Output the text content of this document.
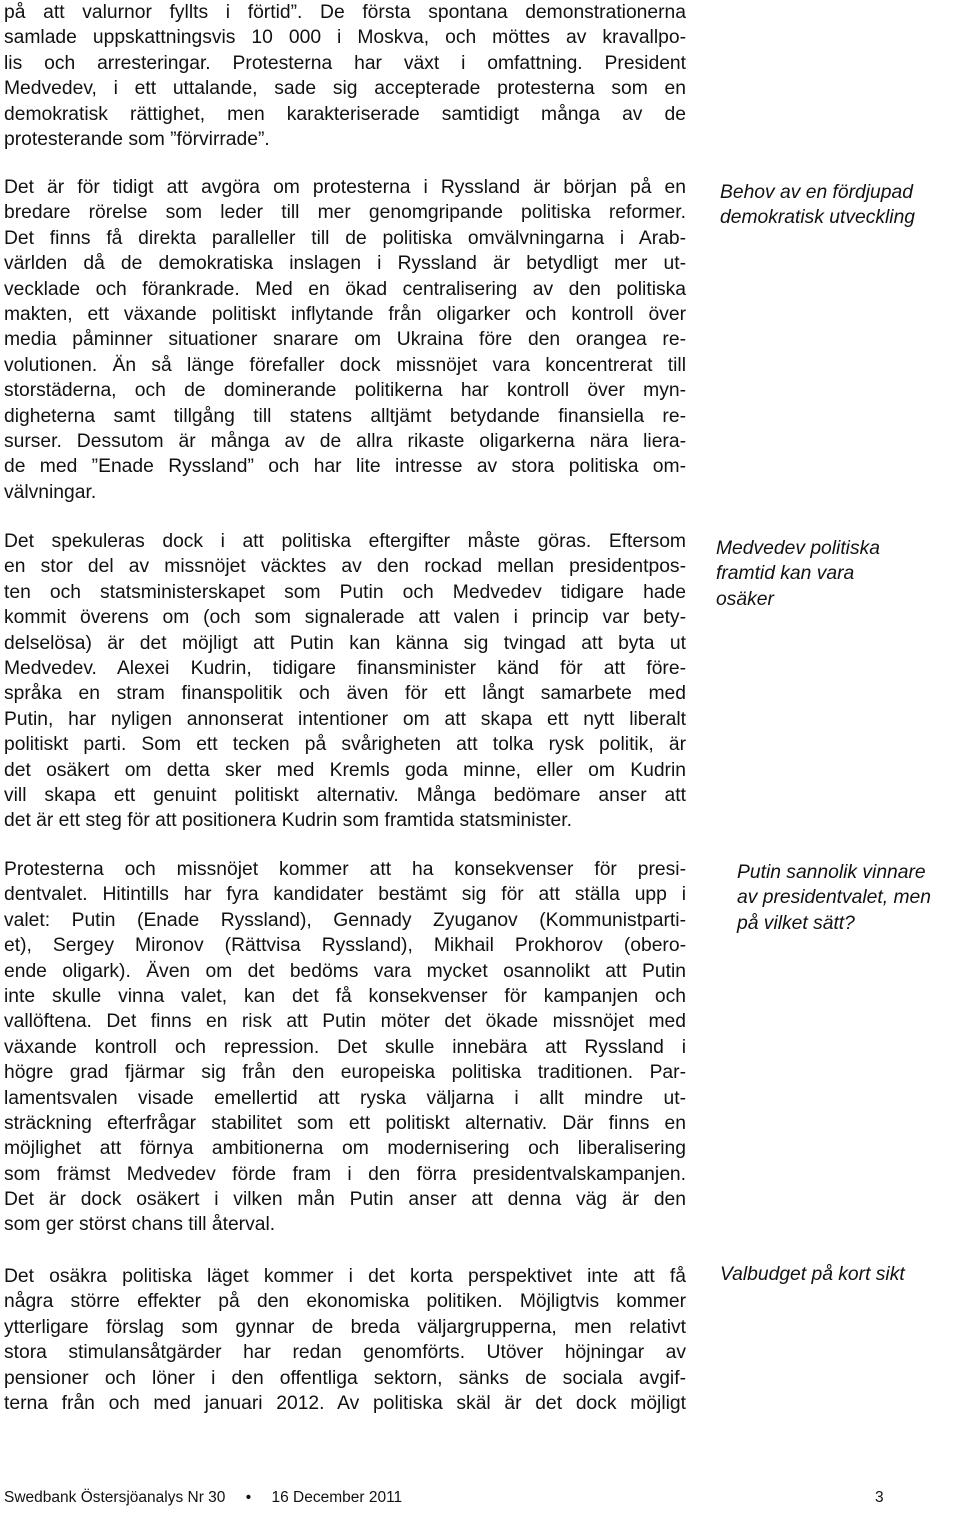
på att valurnor fyllts i förtid”. De första spontana demonstrationerna
samlade uppskattningsvis 10 000 i Moskva, och möttes av kravallpo-
lis och arresteringar. Protesterna har växt i omfattning. President
Medvedev, i ett uttalande, sade sig accepterade protesterna som en
demokratisk rättighet, men karakteriserade samtidigt många av de
protesterande som ”förvirrade”.
Det är för tidigt att avgöra om protesterna i Ryssland är början på en
bredare rörelse som leder till mer genomgripande politiska reformer.
Det finns få direkta paralleller till de politiska omvälvningarna i Arab-
världen då de demokratiska inslagen i Ryssland är betydligt mer ut-
vecklade och förankrade. Med en ökad centralisering av den politiska
makten, ett växande politiskt inflytande från oligarker och kontroll över
media påminner situationer snarare om Ukraina före den orangea re-
volutionen. Än så länge förefaller dock missnöjet vara koncentrerat till
storstäderna, och de dominerande politikerna har kontroll över myn-
digheterna samt tillgång till statens alltjämt betydande finansiella re-
surser. Dessutom är många av de allra rikaste oligarkerna nära liera-
de med ”Enade Ryssland” och har lite intresse av stora politiska om-
välvningar.
Det spekuleras dock i att politiska eftergifter måste göras. Eftersom
en stor del av missnöjet väcktes av den rockad mellan presidentpos-
ten och statsministerskapet som Putin och Medvedev tidigare hade
kommit överens om (och som signalerade att valen i princip var bety-
delselösa) är det möjligt att Putin kan känna sig tvingad att byta ut
Medvedev. Alexei Kudrin, tidigare finansminister känd för att före-
språka en stram finanspolitik och även för ett långt samarbete med
Putin, har nyligen annonserat intentioner om att skapa ett nytt liberalt
politiskt parti. Som ett tecken på svårigheten att tolka rysk politik, är
det osäkert om detta sker med Kremls goda minne, eller om Kudrin
vill skapa ett genuint politiskt alternativ. Många bedömare anser att
det är ett steg för att positionera Kudrin som framtida statsminister.
Protesterna och missnöjet kommer att ha konsekvenser för presi-
dentvalet. Hitintills har fyra kandidater bestämt sig för att ställa upp i
valet: Putin (Enade Ryssland), Gennady Zyuganov (Kommunistparti-
et), Sergey Mironov (Rättvisa Ryssland), Mikhail Prokhorov (obero-
ende oligark). Även om det bedöms vara mycket osannolikt att Putin
inte skulle vinna valet, kan det få konsekvenser för kampanjen och
vallöftena. Det finns en risk att Putin möter det ökade missnöjet med
växande kontroll och repression. Det skulle innebära att Ryssland i
högre grad fjärmar sig från den europeiska politiska traditionen. Par-
lamentsvalen visade emellertid att ryska väljarna i allt mindre ut-
sträckning efterfrågar stabilitet som ett politiskt alternativ. Där finns en
möjlighet att förnya ambitionerna om modernisering och liberalisering
som främst Medvedev förde fram i den förra presidentvalskampanjen.
Det är dock osäkert i vilken mån Putin anser att denna väg är den
som ger störst chans till återval.
Det osäkra politiska läget kommer i det korta perspektivet inte att få
några större effekter på den ekonomiska politiken. Möjligtvis kommer
ytterligare förslag som gynnar de breda väljargrupperna, men relativt
stora stimulansåtgärder har redan genomförts. Utöver höjningar av
pensioner och löner i den offentliga sektorn, sänks de sociala avgif-
terna från och med januari 2012. Av politiska skäl är det dock möjligt
Behov av en fördjupad
demokratisk utveckling
Medvedev politiska
framtid kan vara
osäker
Putin sannolik vinnare
av presidentvalet, men
på vilket sätt?
Valbudget på kort sikt
Swedbank Östersjöanalys Nr 30 • 16 December 2011	3
